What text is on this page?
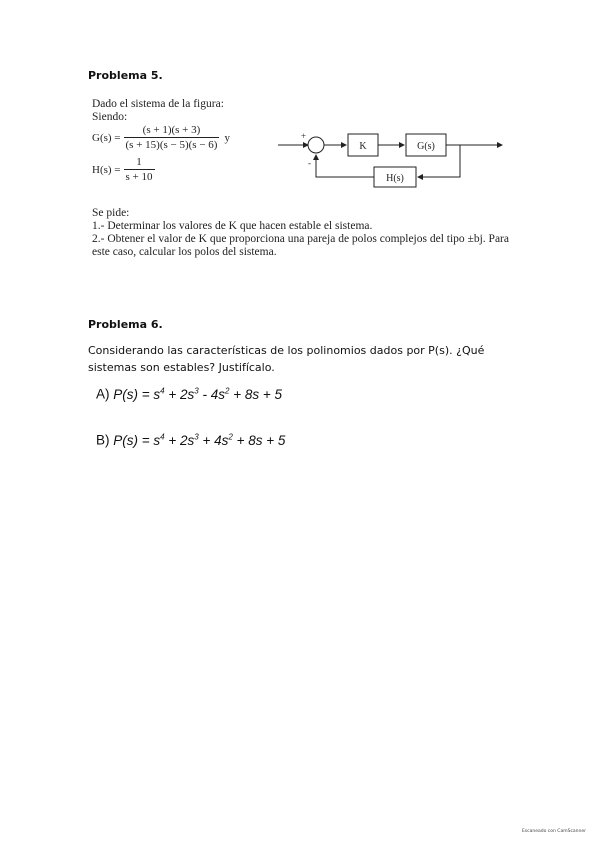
Problema 5.
Dado el sistema de la figura:
Siendo:
$G(s) = \frac{(s + 1)(s + 3)}{(s + 15)(s - 5)(s - 6)}$ y
$H(s) = \frac{1}{s + 10}$
+
-
K	G(s)
H(s)
Se pide:
1.- Determinar los valores de K que hacen estable el sistema.
2.- Obtener el valor de K que proporciona una pareja de polos complejos del tipo ±bj. Para
este caso, calcular los polos del sistema.
Problema 6.
Considerando las características de los polinomios dados por P(s). ¿Qué sistemas son estables? Justifícalo.
A) $P(s) = s^4 + 2s^3 - 4s^2 + 8s + 5$
B) $P(s) = s^4 + 2s^3 + 4s^2 + 8s + 5$
Escaneado con CamScanner
